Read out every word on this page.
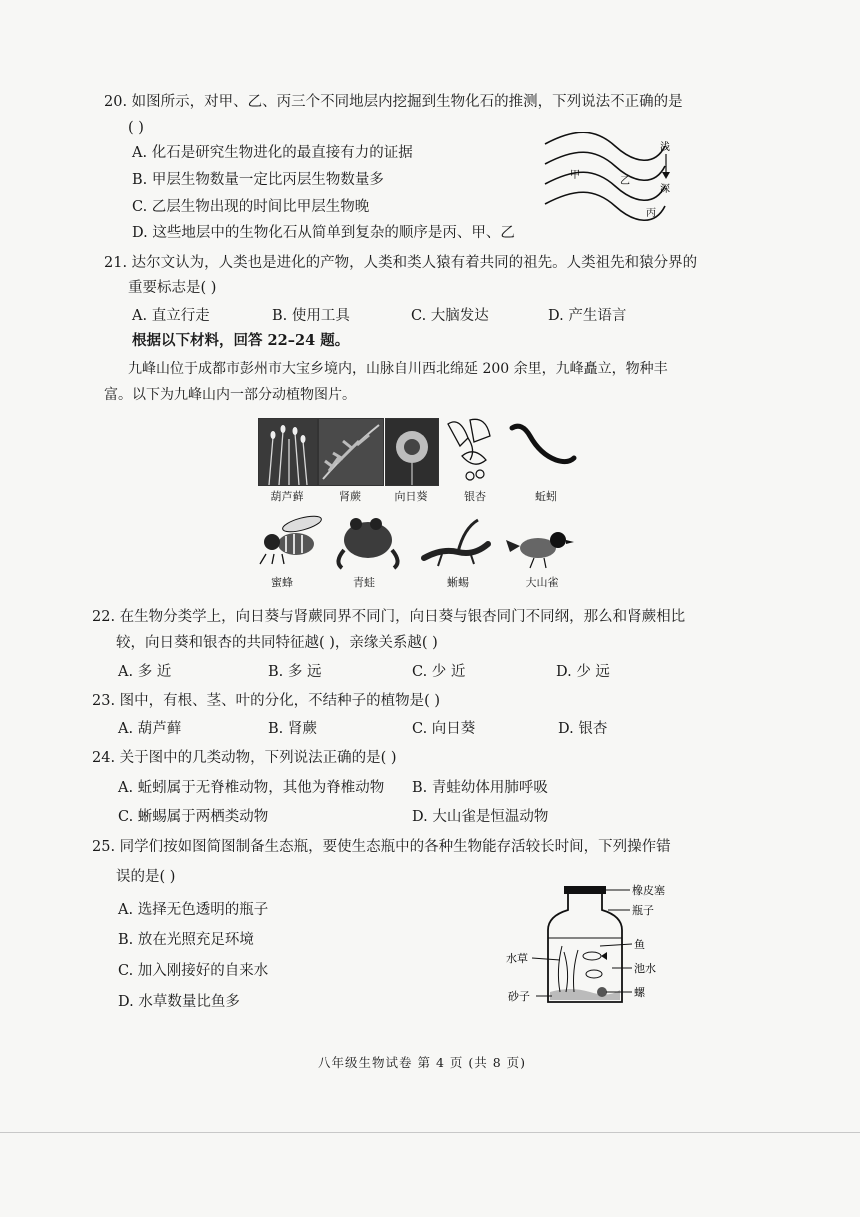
20. 如图所示，对甲、乙、丙三个不同地层内挖掘到生物化石的推测，下列说法不正确的是
( )
A. 化石是研究生物进化的最直接有力的证据
B. 甲层生物数量一定比丙层生物数量多
C. 乙层生物出现的时间比甲层生物晚
D. 这些地层中的生物化石从简单到复杂的顺序是丙、甲、乙
甲
乙
丙
浅
深
21. 达尔文认为，人类也是进化的产物，人类和类人猿有着共同的祖先。人类祖先和猿分界的
重要标志是( )
A. 直立行走	B. 使用工具	C. 大脑发达	D. 产生语言
根据以下材料，回答 22–24 题。
九峰山位于成都市彭州市大宝乡境内，山脉自川西北绵延 200 余里，九峰矗立，物种丰
富。以下为九峰山内一部分动植物图片。
葫芦藓	肾蕨	向日葵	银杏	蚯蚓
蜜蜂	青蛙	蜥蜴	大山雀
22. 在生物分类学上，向日葵与肾蕨同界不同门，向日葵与银杏同门不同纲，那么和肾蕨相比
较，向日葵和银杏的共同特征越( )，亲缘关系越( )
A. 多 近	B. 多 远	C. 少 近	D. 少 远
23. 图中，有根、茎、叶的分化，不结种子的植物是( )
A. 葫芦藓	B. 肾蕨	C. 向日葵	D. 银杏
24. 关于图中的几类动物，下列说法正确的是( )
A. 蚯蚓属于无脊椎动物，其他为脊椎动物 B. 青蛙幼体用肺呼吸
C. 蜥蜴属于两栖类动物	D. 大山雀是恒温动物
25. 同学们按如图简图制备生态瓶，要使生态瓶中的各种生物能存活较长时间，下列操作错
误的是( )
A. 选择无色透明的瓶子
B. 放在光照充足环境
C. 加入刚接好的自来水
D. 水草数量比鱼多
橡皮塞
瓶子
鱼
池水
螺
水草
砂子
八年级生物试卷 第 4 页 (共 8 页)
